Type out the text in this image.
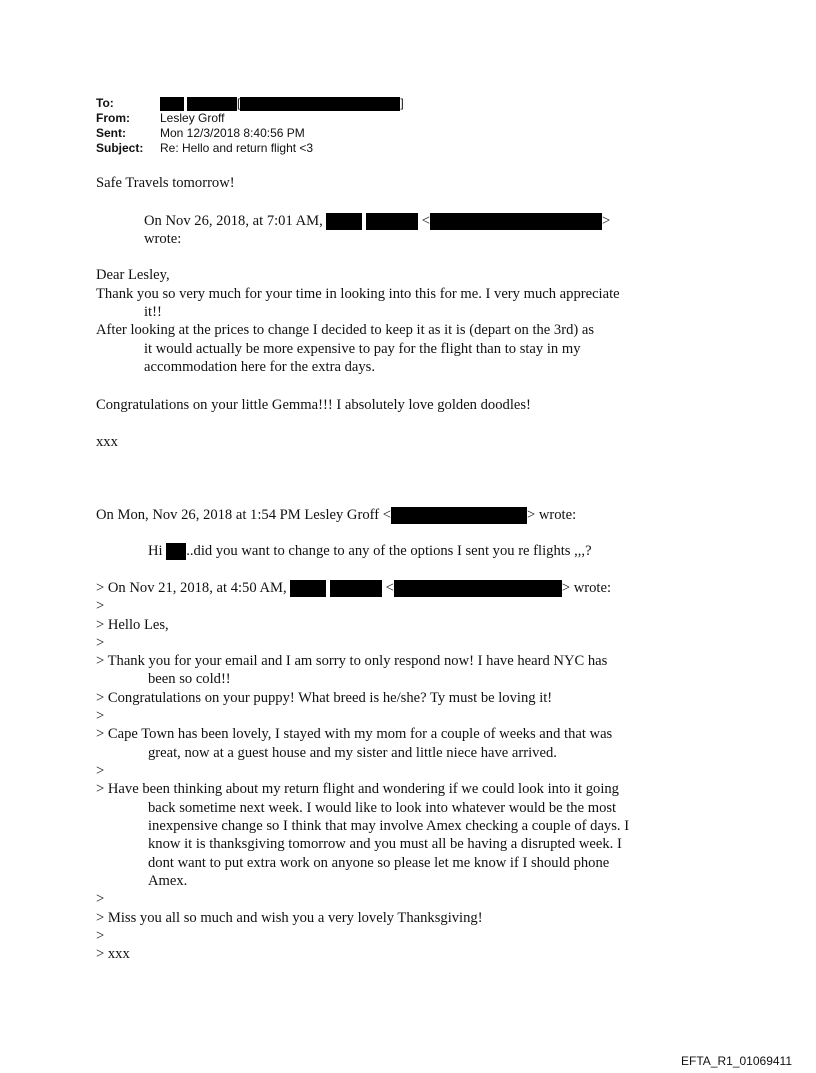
To:	[	]
From:	Lesley Groff
Sent:	Mon 12/3/2018 8:40:56 PM
Subject: Re: Hello and return flight <3
Safe Travels tomorrow!
On Nov 26, 2018, at 7:01 AM,	<	>
wrote:
Dear Lesley,
Thank you so very much for your time in looking into this for me. I very much appreciate
it!!
After looking at the prices to change I decided to keep it as it is (depart on the 3rd) as
it would actually be more expensive to pay for the flight than to stay in my
accommodation here for the extra days.
Congratulations on your little Gemma!!! I absolutely love golden doodles!
xxx
On Mon, Nov 26, 2018 at 1:54 PM Lesley Groff <	> wrote:
Hi ..did you want to change to any of the options I sent you re flights ,,,?
> On Nov 21, 2018, at 4:50 AM,	<	> wrote:
>
> Hello Les,
>
> Thank you for your email and I am sorry to only respond now! I have heard NYC has
been so cold!!
> Congratulations on your puppy! What breed is he/she? Ty must be loving it!
>
> Cape Town has been lovely, I stayed with my mom for a couple of weeks and that was
great, now at a guest house and my sister and little niece have arrived.
>
> Have been thinking about my return flight and wondering if we could look into it going
back sometime next week. I would like to look into whatever would be the most
inexpensive change so I think that may involve Amex checking a couple of days. I
know it is thanksgiving tomorrow and you must all be having a disrupted week. I
dont want to put extra work on anyone so please let me know if I should phone
Amex.
>
> Miss you all so much and wish you a very lovely Thanksgiving!
>
> xxx
EFTA_R1_01069411
